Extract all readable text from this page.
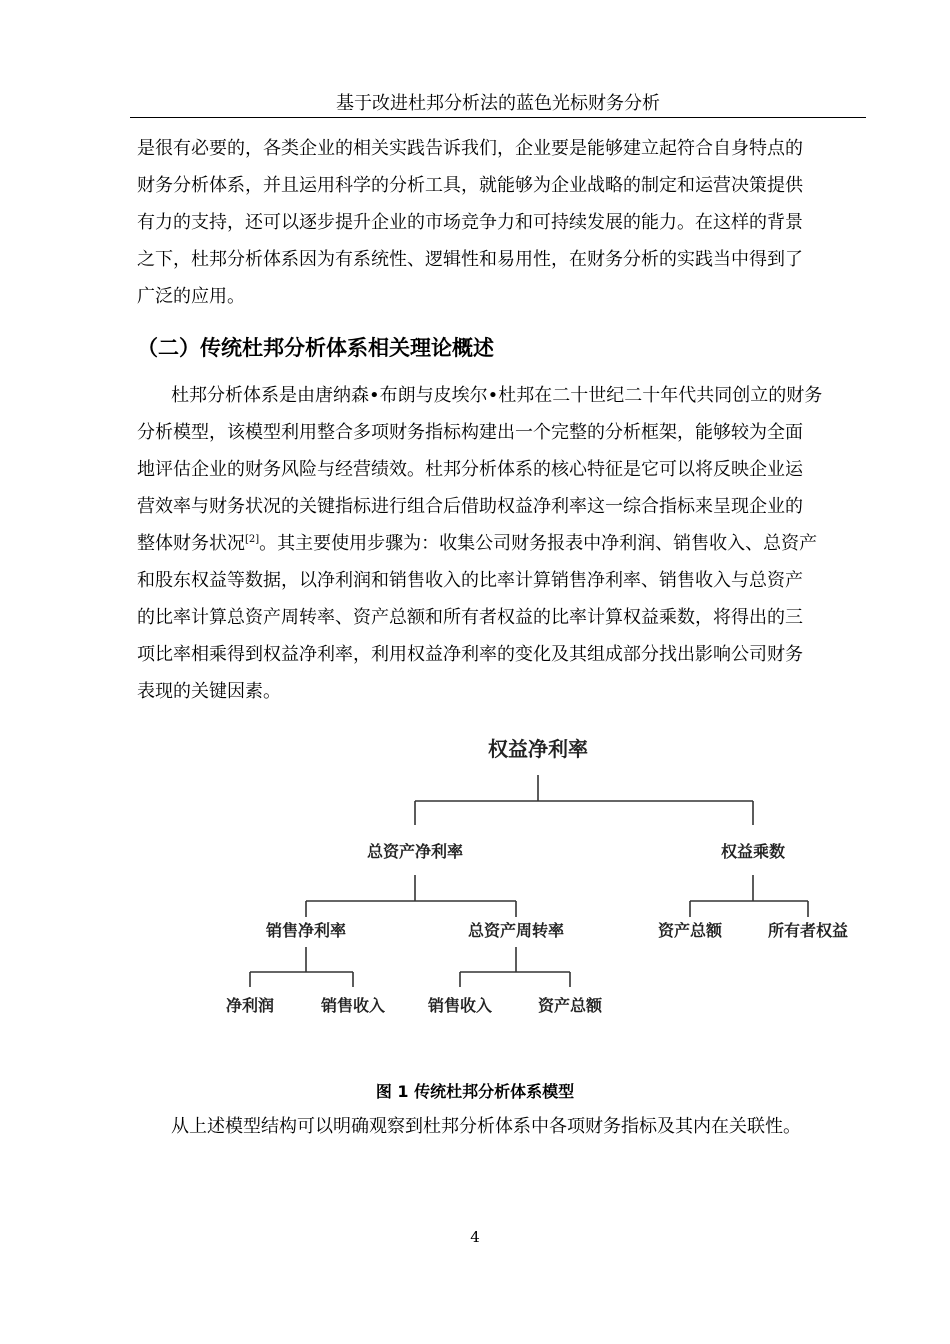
基于改进杜邦分析法的蓝色光标财务分析
是很有必要的，各类企业的相关实践告诉我们，企业要是能够建立起符合自身特点的
财务分析体系，并且运用科学的分析工具，就能够为企业战略的制定和运营决策提供
有力的支持，还可以逐步提升企业的市场竞争力和可持续发展的能力。在这样的背景
之下，杜邦分析体系因为有系统性、逻辑性和易用性，在财务分析的实践当中得到了
广泛的应用。
（二）传统杜邦分析体系相关理论概述
杜邦分析体系是由唐纳森•布朗与皮埃尔•杜邦在二十世纪二十年代共同创立的财务
分析模型，该模型利用整合多项财务指标构建出一个完整的分析框架，能够较为全面
地评估企业的财务风险与经营绩效。杜邦分析体系的核心特征是它可以将反映企业运
营效率与财务状况的关键指标进行组合后借助权益净利率这一综合指标来呈现企业的
整体财务状况[2]。其主要使用步骤为：收集公司财务报表中净利润、销售收入、总资产
和股东权益等数据，以净利润和销售收入的比率计算销售净利率、销售收入与总资产
的比率计算总资产周转率、资产总额和所有者权益的比率计算权益乘数，将得出的三
项比率相乘得到权益净利率，利用权益净利率的变化及其组成部分找出影响公司财务
表现的关键因素。
权益净利率
总资产净利率	权益乘数
销售净利率	总资产周转率	资产总额	所有者权益
净利润	销售收入	销售收入	资产总额
图 1 传统杜邦分析体系模型
从上述模型结构可以明确观察到杜邦分析体系中各项财务指标及其内在关联性。
4
